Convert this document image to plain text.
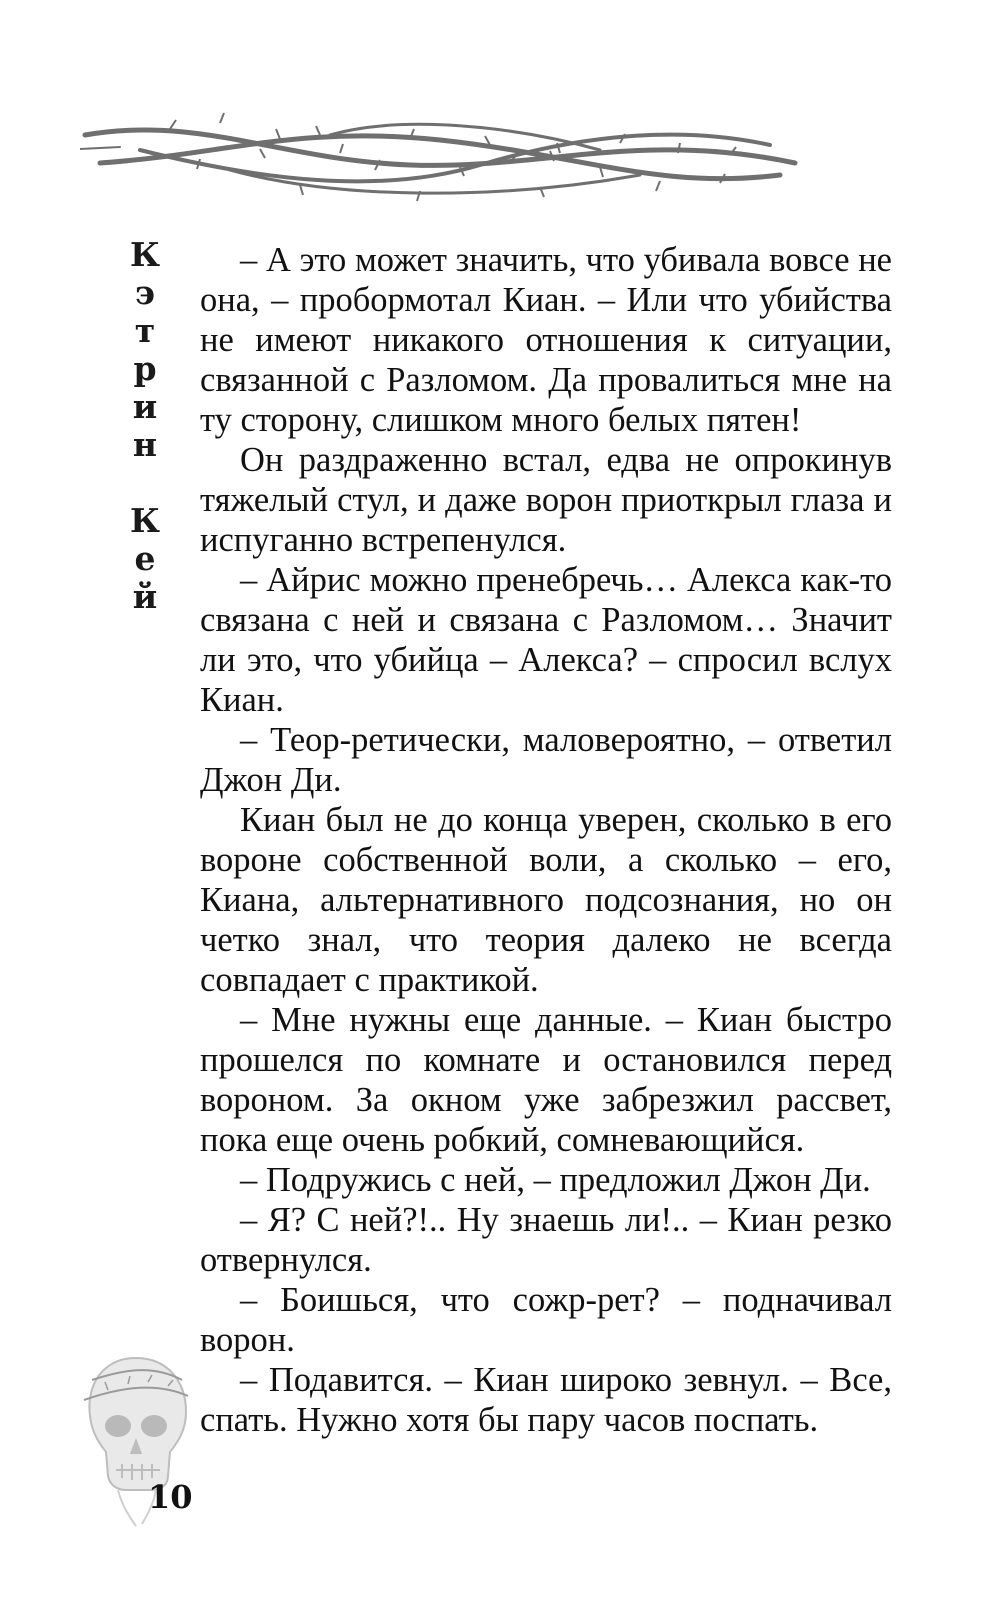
К
э
т
р
и
н
К
е
й

– А это может значить, что убивала вовсе не она, – пробормотал Киан. – Или что убийства не имеют никакого отношения к ситуации, связанной с Разломом. Да провалиться мне на ту сторону, слишком много белых пятен!

Он раздраженно встал, едва не опрокинув тяжелый стул, и даже ворон приоткрыл глаза и испуганно встрепенулся.

– Айрис можно пренебречь… Алекса как-то связана с ней и связана с Разломом… Значит ли это, что убийца – Алекса? – спросил вслух Киан.

– Теор-ретически, маловероятно, – ответил Джон Ди.

Киан был не до конца уверен, сколько в его вороне собственной воли, а сколько – его, Киана, альтернативного подсознания, но он четко знал, что теория далеко не всегда совпадает с практикой.

– Мне нужны еще данные. – Киан быстро прошелся по комнате и остановился перед вороном. За окном уже забрезжил рассвет, пока еще очень робкий, сомневающийся.

– Подружись с ней, – предложил Джон Ди.

– Я? С ней?!.. Ну знаешь ли!.. – Киан резко отвернулся.

– Боишься, что сожр-рет? – подначивал ворон.

– Подавится. – Киан широко зевнул. – Все, спать. Нужно хотя бы пару часов поспать.

10
